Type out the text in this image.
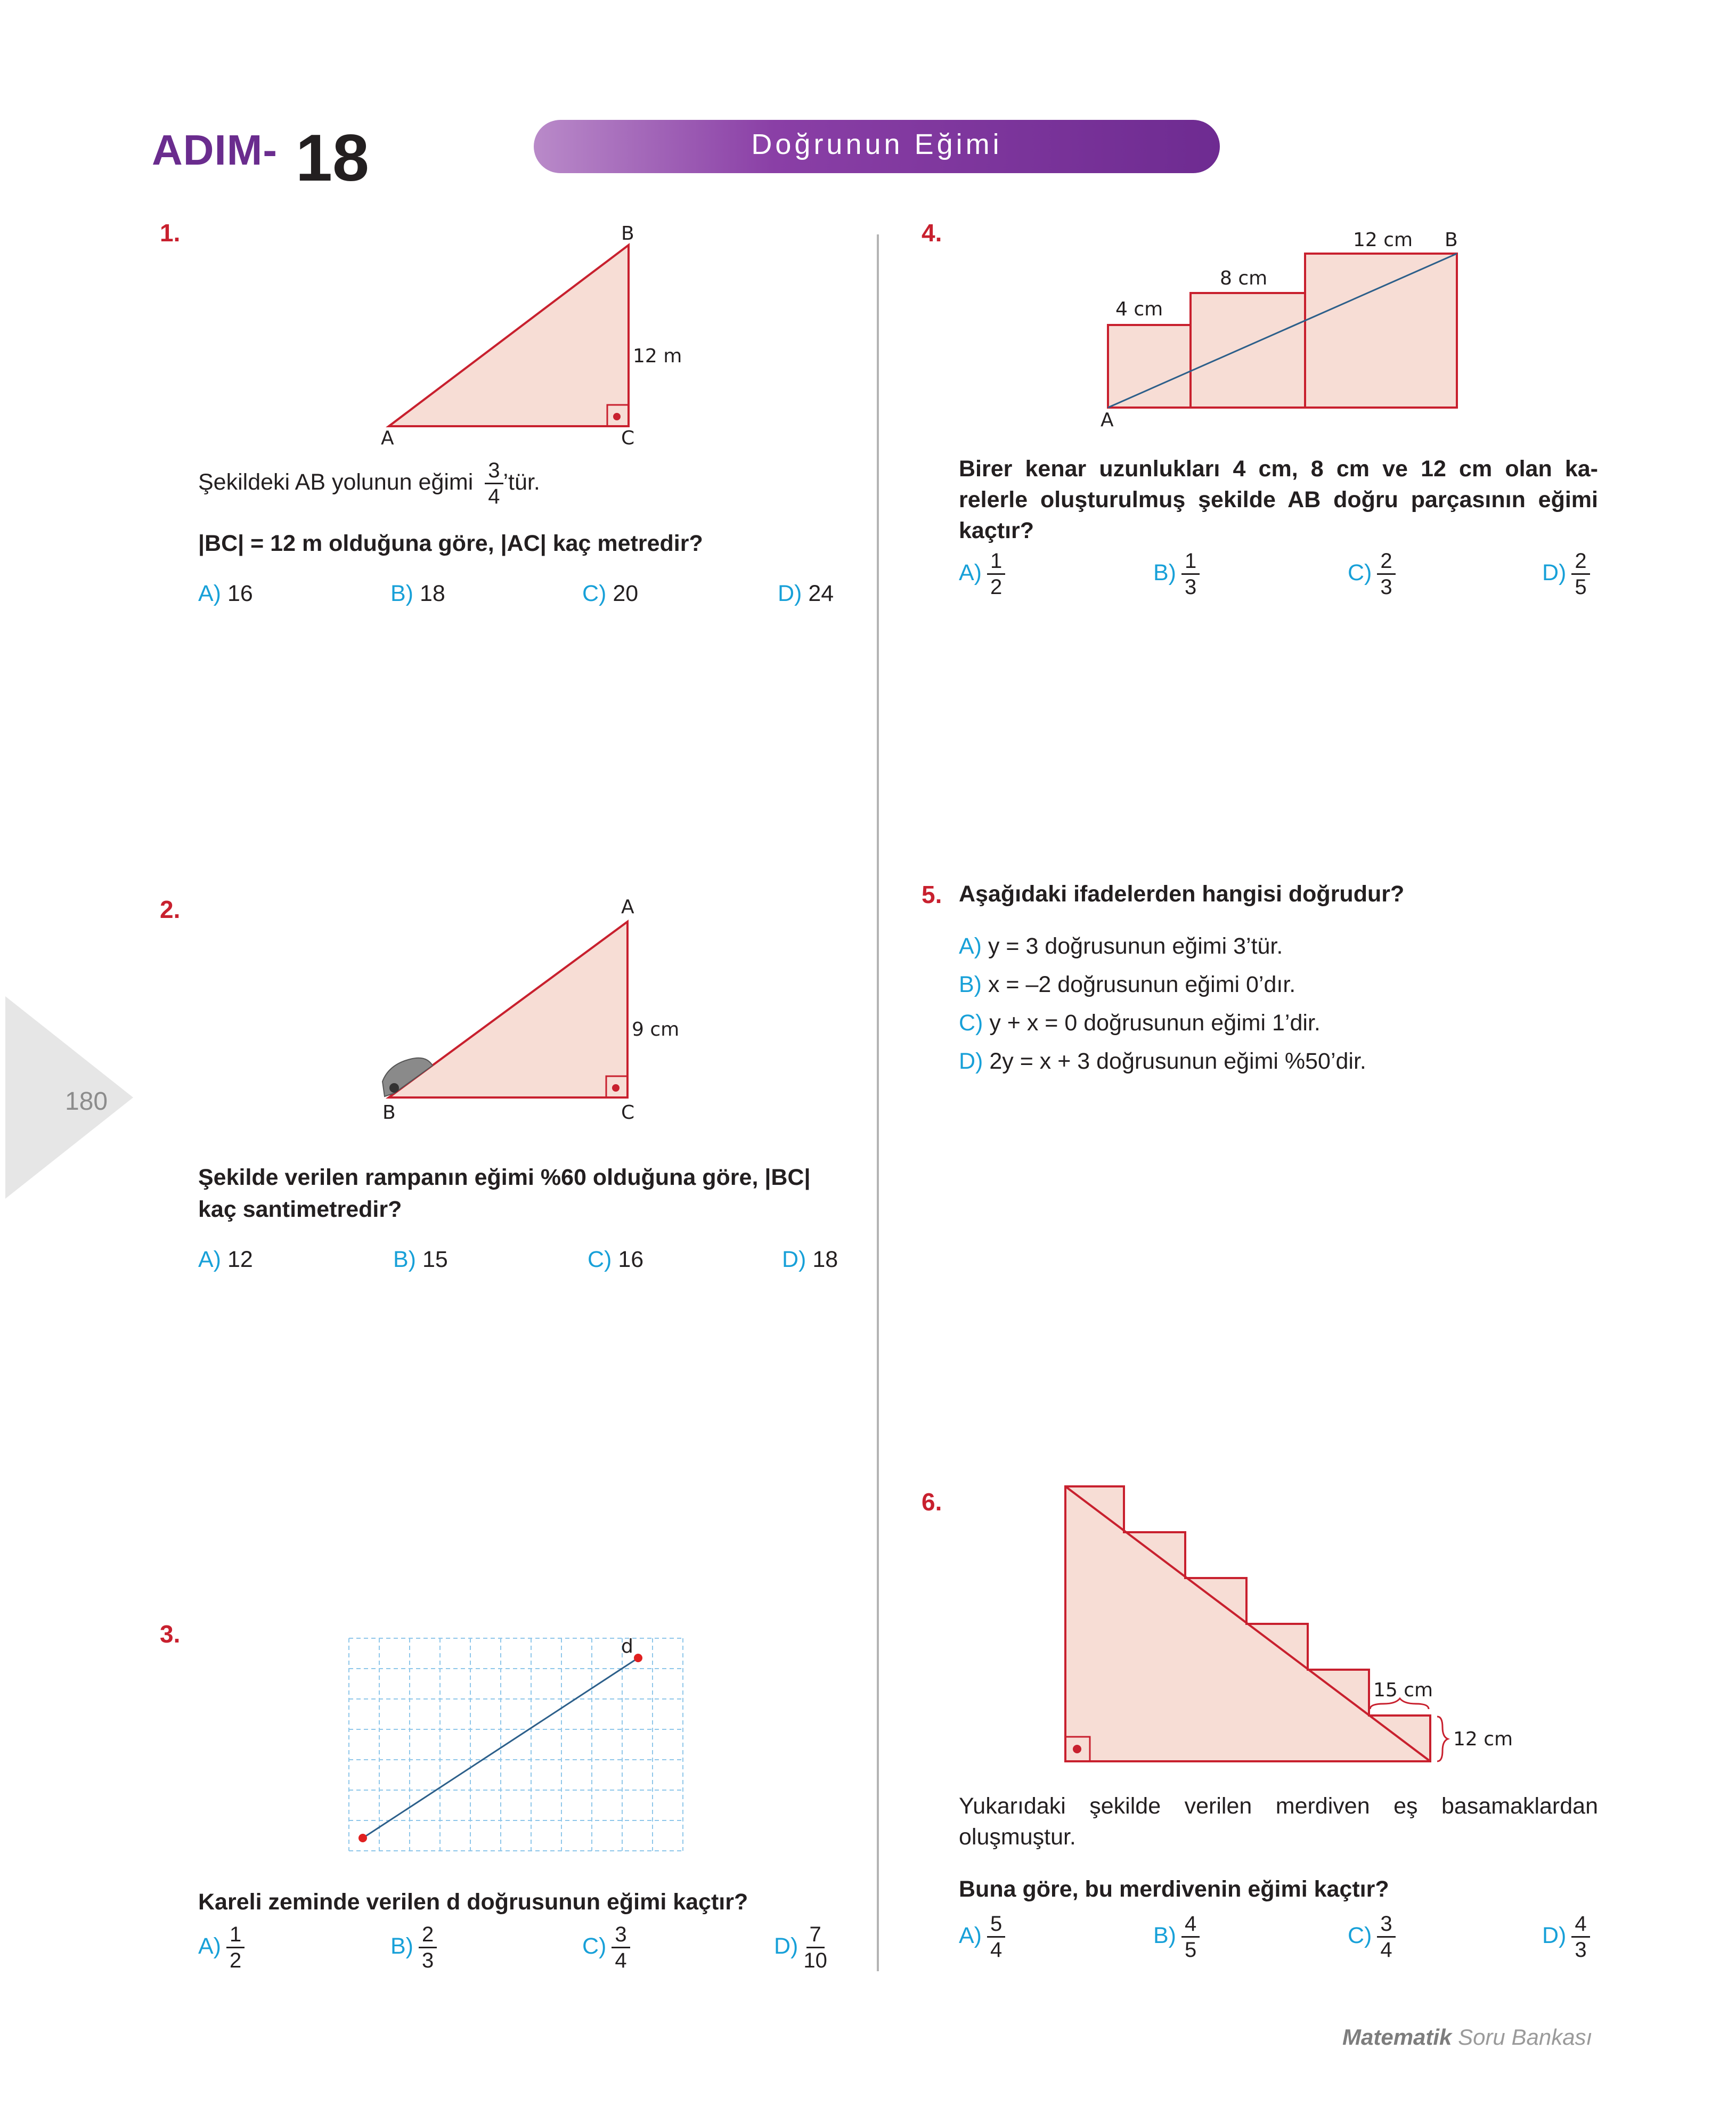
ADIM- 18	Doğrunun Eğimi
180
1.	B
12 m
A	C
Şekildeki AB yolunun eğimi $\frac{3}{4}$ ’tür.
|BC| = 12 m olduğuna göre, |AC| kaç metredir?
A) 16	B) 18	C) 20	D) 24
2.	A
9 cm
B	C
Şekilde verilen rampanın eğimi %60 olduğuna göre, |BC|
kaç santimetredir?
A) 12	B) 15	C) 16	D) 18
3.	d
Kareli zeminde verilen d doğrusunun eğimi kaçtır?
$A) \frac{1}{2}$	$B) \frac{2}{3}$	$C) \frac{3}{4}$	$D) \frac{7}{10}$
4.
4 cm
8 cm
12 cm B
A
Birer kenar uzunlukları 4 cm, 8 cm ve 12 cm olan ka-
relerle oluşturulmuş şekilde AB doğru parçasının eğimi
kaçtır?
$A) \frac{1}{2}$	$B) \frac{1}{3}$	$C) \frac{2}{3}$	$D) \frac{2}{5}$
5. Aşağıdaki ifadelerden hangisi doğrudur?
A) y = 3 doğrusunun eğimi 3’tür.
B) x = –2 doğrusunun eğimi 0’dır.
C) y + x = 0 doğrusunun eğimi 1’dir.
D) 2y = x + 3 doğrusunun eğimi %50’dir.
6.
15 cm
12 cm
Yukarıdaki şekilde verilen merdiven eş basamaklardan
oluşmuştur.
Buna göre, bu merdivenin eğimi kaçtır?
$A) \frac{5}{4}$	$B) \frac{4}{5}$	$C) \frac{3}{4}$	$D) \frac{4}{3}$
Matematik Soru Bankası
